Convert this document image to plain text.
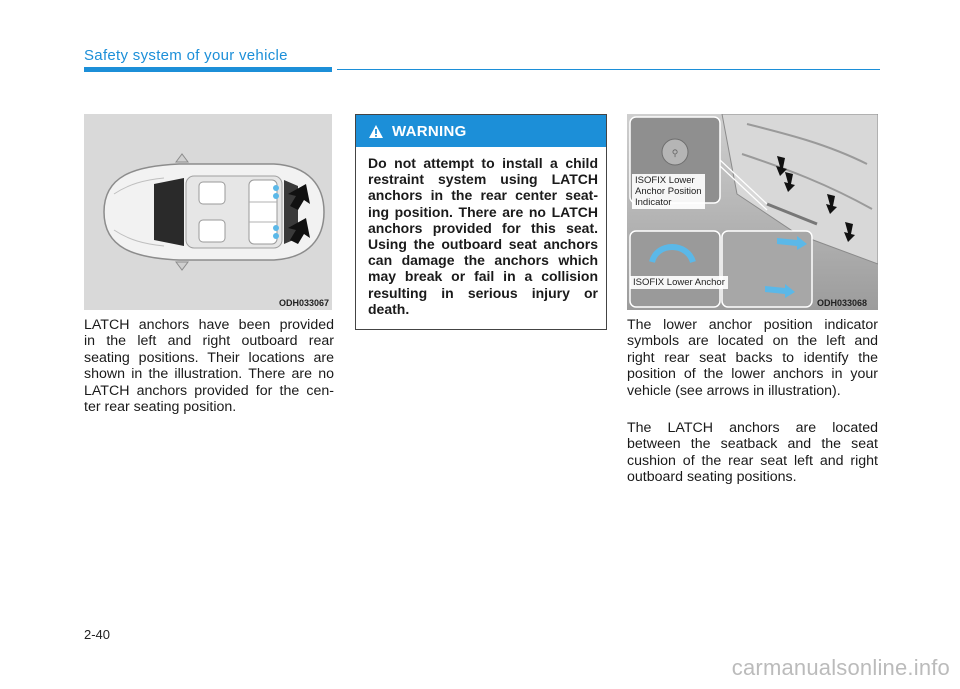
Safety system of your vehicle
ODH033067
LATCH anchors have been provided
in the left and right outboard rear
seating positions. Their locations are
shown in the illustration. There are no
LATCH anchors provided for the cen-
ter rear seating position.
WARNING
Do not attempt to install a child
restraint system using LATCH
anchors in the rear center seat-
ing position. There are no LATCH
anchors provided for this seat.
Using the outboard seat anchors
can damage the anchors which
may break or fail in a collision
resulting in serious injury or
death.
⚲
ISOFIX Lower
Anchor Position
Indicator
ISOFIX Lower Anchor
ODH033068
The lower anchor position indicator
symbols are located on the left and
right rear seat backs to identify the
position of the lower anchors in your
vehicle (see arrows in illustration).
The LATCH anchors are located
between the seatback and the seat
cushion of the rear seat left and right
outboard seating positions.
2-40
carmanualsonline.info
